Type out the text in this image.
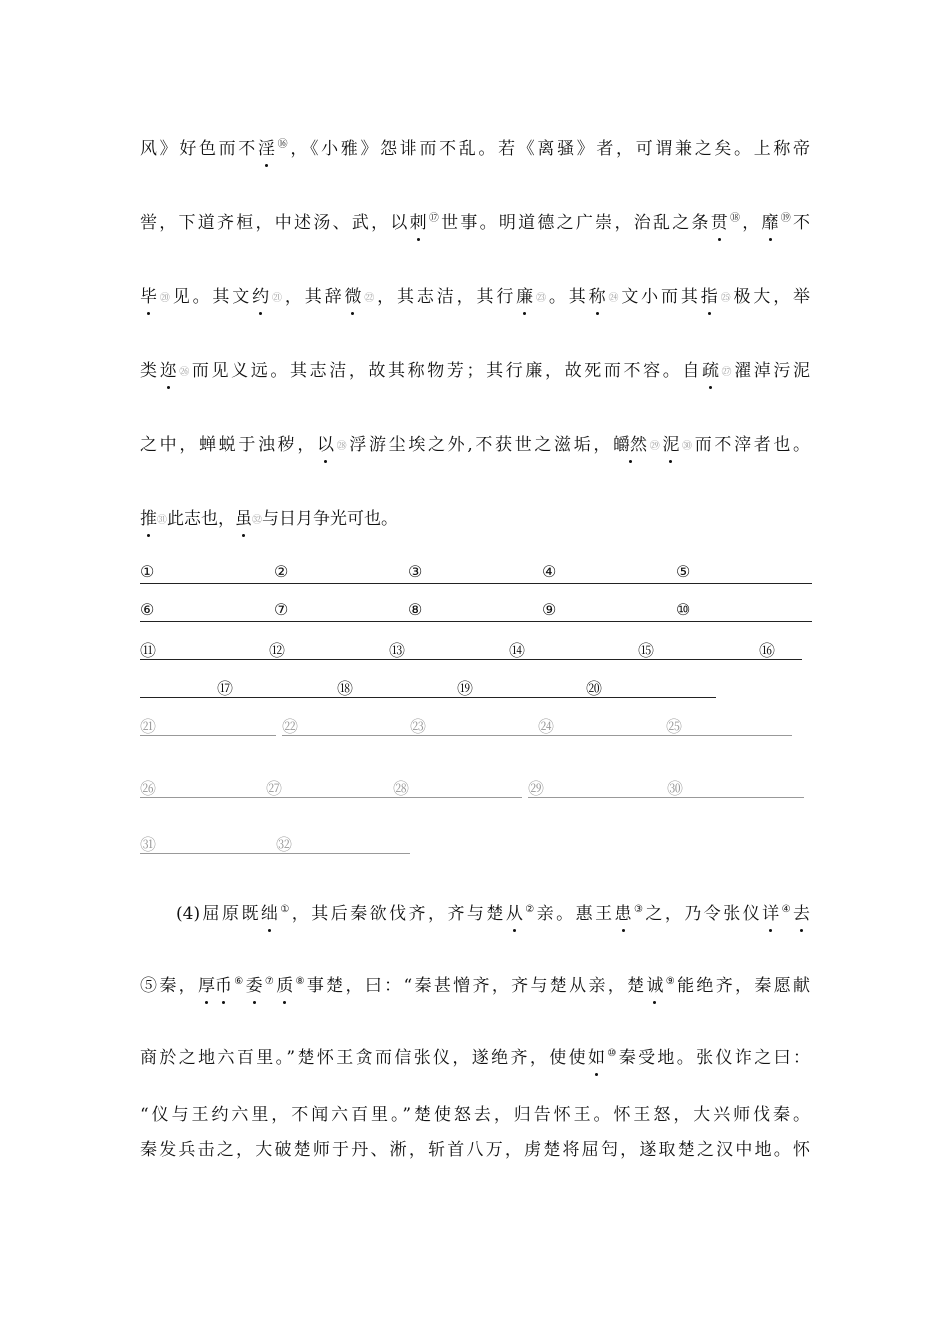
风》好色而不淫⑯，《小雅》怨诽而不乱。若《离骚》者，可谓兼之矣。上称帝
喾，下道齐桓，中述汤、武，以刺⑰世事。明道德之广崇，治乱之条贯⑱，靡⑲不
毕⑳见。其文约㉑，其辞微㉒，其志洁，其行廉㉓。其称㉔文小而其指㉕极大，举
类迩㉖而见义远。其志洁，故其称物芳；其行廉，故死而不容。自疏㉗濯淖污泥
之中，蝉蜕于浊秽，以㉘浮游尘埃之外,不获世之滋垢，皭然㉙泥㉚而不滓者也。
推㉛此志也，虽㉜与日月争光可也。
①	②	③	④	⑤
⑥	⑦	⑧	⑨	⑩
⑪	⑫	⑬	⑭	⑮	⑯
⑰	⑱	⑲	⑳
㉑	㉒	㉓	㉔	㉕
㉖	㉗	㉘	㉙	㉚
㉛	㉜
(4)屈原既绌①，其后秦欲伐齐，齐与楚从②亲。惠王患③之，乃令张仪详④去
⑤秦，厚币⑥委⑦质⑧事楚，曰：“秦甚憎齐，齐与楚从亲，楚诚⑨能绝齐，秦愿献
商於之地六百里。”楚怀王贪而信张仪，遂绝齐，使使如⑩秦受地。张仪诈之曰：
“仪与王约六里，不闻六百里。”楚使怒去，归告怀王。怀王怒，大兴师伐秦。
秦发兵击之，大破楚师于丹、淅，斩首八万，虏楚将屈匄，遂取楚之汉中地。怀
